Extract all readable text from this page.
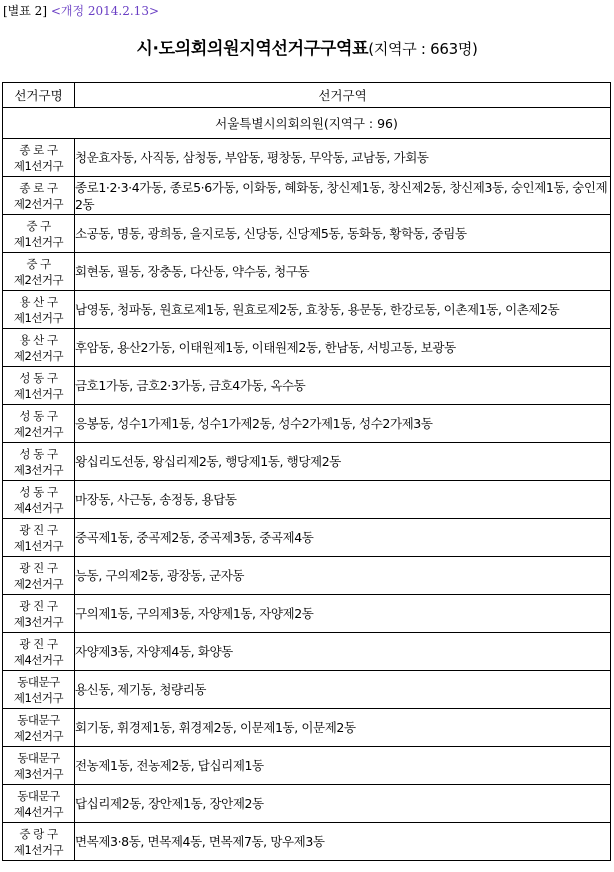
[별표 2] <개정 2014.2.13>
시·도의회의원지역선거구구역표(지역구 : 663명)
선거구명	선거구역
서울특별시의회의원(지역구 : 96)	

종 로 구
제1선거구	청운효자동, 사직동, 삼청동, 부암동, 평창동, 무악동, 교남동, 가회동

종 로 구
제2선거구	종로1·2·3·4가동, 종로5·6가동, 이화동, 혜화동, 창신제1동, 창신제2동, 창신제3동, 숭인제1동, 숭인제2동

중 구
제1선거구	소공동, 명동, 광희동, 을지로동, 신당동, 신당제5동, 동화동, 황학동, 중림동

중 구
제2선거구	회현동, 필동, 장충동, 다산동, 약수동, 청구동

용 산 구
제1선거구	남영동, 청파동, 원효로제1동, 원효로제2동, 효창동, 용문동, 한강로동, 이촌제1동, 이촌제2동

용 산 구
제2선거구	후암동, 용산2가동, 이태원제1동, 이태원제2동, 한남동, 서빙고동, 보광동

성 동 구
제1선거구	금호1가동, 금호2·3가동, 금호4가동, 옥수동

성 동 구
제2선거구	응봉동, 성수1가제1동, 성수1가제2동, 성수2가제1동, 성수2가제3동

성 동 구
제3선거구	왕십리도선동, 왕십리제2동, 행당제1동, 행당제2동

성 동 구
제4선거구	마장동, 사근동, 송정동, 용답동

광 진 구
제1선거구	중곡제1동, 중곡제2동, 중곡제3동, 중곡제4동

광 진 구
제2선거구	능동, 구의제2동, 광장동, 군자동

광 진 구
제3선거구	구의제1동, 구의제3동, 자양제1동, 자양제2동

광 진 구
제4선거구	자양제3동, 자양제4동, 화양동

동대문구
제1선거구	용신동, 제기동, 청량리동

동대문구
제2선거구	회기동, 휘경제1동, 휘경제2동, 이문제1동, 이문제2동

동대문구
제3선거구	전농제1동, 전농제2동, 답십리제1동

동대문구
제4선거구	답십리제2동, 장안제1동, 장안제2동

중 랑 구
제1선거구	면목제3·8동, 면목제4동, 면목제7동, 망우제3동
